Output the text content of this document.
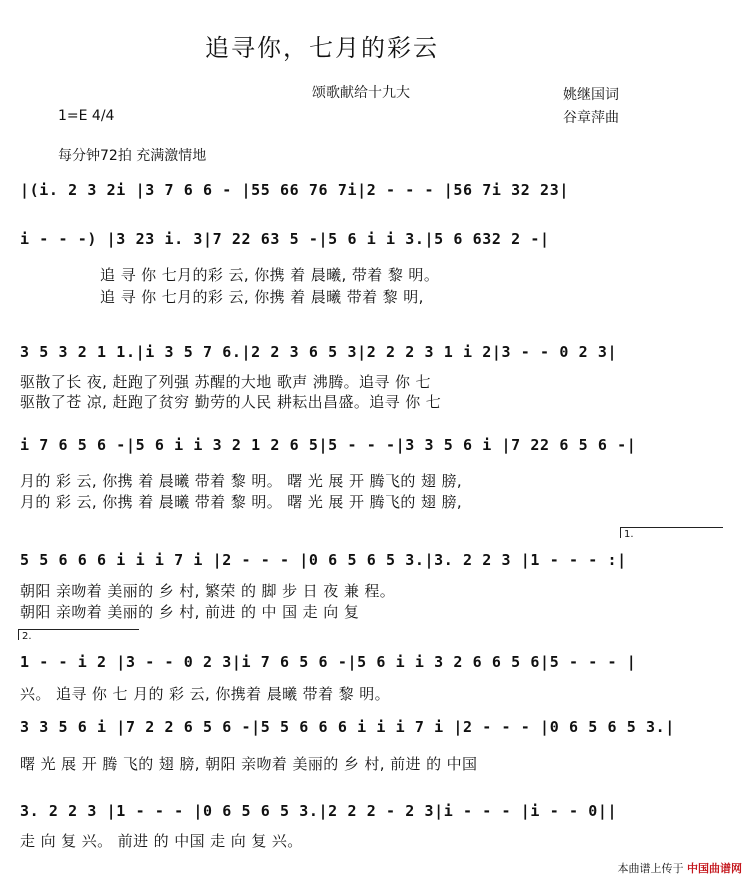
追寻你，七月的彩云
颂歌献给十九大	姚继国词
谷章萍曲
1=E 4/4
每分钟72拍 充满激情地
|(i. 2 3 2i |3 7 6 6 - |55 66 76 7i|2 - - - |56 7i 32 23|
i - - -) |3 23 i. 3|7 22 63 5 -|5 6 i i 3.|5 6 632 2 -|
追 寻 你 七月的彩 云, 你携 着 晨曦, 带着 黎 明。
追 寻 你 七月的彩 云, 你携 着 晨曦 带着 黎 明,
3 5 3 2 1 1.|i 3 5 7 6.|2 2 3 6 5 3|2 2 2 3 1 i 2|3 - - 0 2 3|
驱散了长 夜, 赶跑了列强 苏醒的大地 歌声 沸腾。追寻 你 七
驱散了苍 凉, 赶跑了贫穷 勤劳的人民 耕耘出昌盛。追寻 你 七
i 7 6 5 6 -|5 6 i i 3 2 1 2 6 5|5 - - -|3 3 5 6 i |7 22 6 5 6 -|
月的 彩 云, 你携 着 晨曦 带着 黎 明。 曙 光 展 开 腾飞的 翅 膀,
月的 彩 云, 你携 着 晨曦 带着 黎 明。 曙 光 展 开 腾飞的 翅 膀,
1.
5 5 6 6 6 i i i 7 i |2 - - - |0 6 5 6 5 3.|3. 2 2 3 |1 - - - :|
朝阳 亲吻着 美丽的 乡 村, 繁荣 的 脚 步 日 夜 兼 程。
朝阳 亲吻着 美丽的 乡 村, 前进 的 中 国 走 向 复
2.
1 - - i 2 |3 - - 0 2 3|i 7 6 5 6 -|5 6 i i 3 2 6 6 5 6|5 - - - |
兴。 追寻 你 七 月的 彩 云, 你携着 晨曦 带着 黎 明。
3 3 5 6 i |7 2 2 6 5 6 -|5 5 6 6 6 i i i 7 i |2 - - - |0 6 5 6 5 3.|
曙 光 展 开 腾 飞的 翅 膀, 朝阳 亲吻着 美丽的 乡 村, 前进 的 中国
3. 2 2 3 |1 - - - |0 6 5 6 5 3.|2 2 2 - 2 3|i - - - |i - - 0||
走 向 复 兴。 前进 的 中国 走 向 复 兴。
本曲谱上传于 中国曲谱网
